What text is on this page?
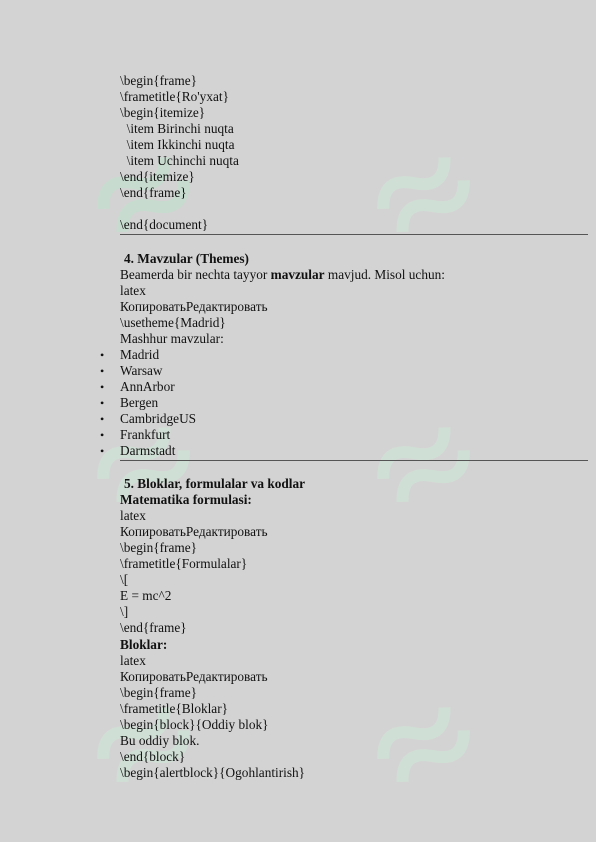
\begin{frame}
\frametitle{Ro'yxat}
\begin{itemize}
\item Birinchi nuqta
\item Ikkinchi nuqta
\item Uchinchi nuqta
\end{itemize}
\end{frame}
\end{document}
4. Mavzular (Themes)
Beamerda bir nechta tayyor mavzular mavjud. Misol uchun:
latex
КопироватьРедактировать
\usetheme{Madrid}
Mashhur mavzular:
• Madrid
• Warsaw
• AnnArbor
• Bergen
• CambridgeUS
• Frankfurt
• Darmstadt
5. Bloklar, formulalar va kodlar
Matematika formulasi:
latex
КопироватьРедактировать
\begin{frame}
\frametitle{Formulalar}
\[
E = mc^2
\]
\end{frame}
Bloklar:
latex
КопироватьРедактировать
\begin{frame}
\frametitle{Bloklar}
\begin{block}{Oddiy blok}
Bu oddiy blok.
\end{block}
\begin{alertblock}{Ogohlantirish}
